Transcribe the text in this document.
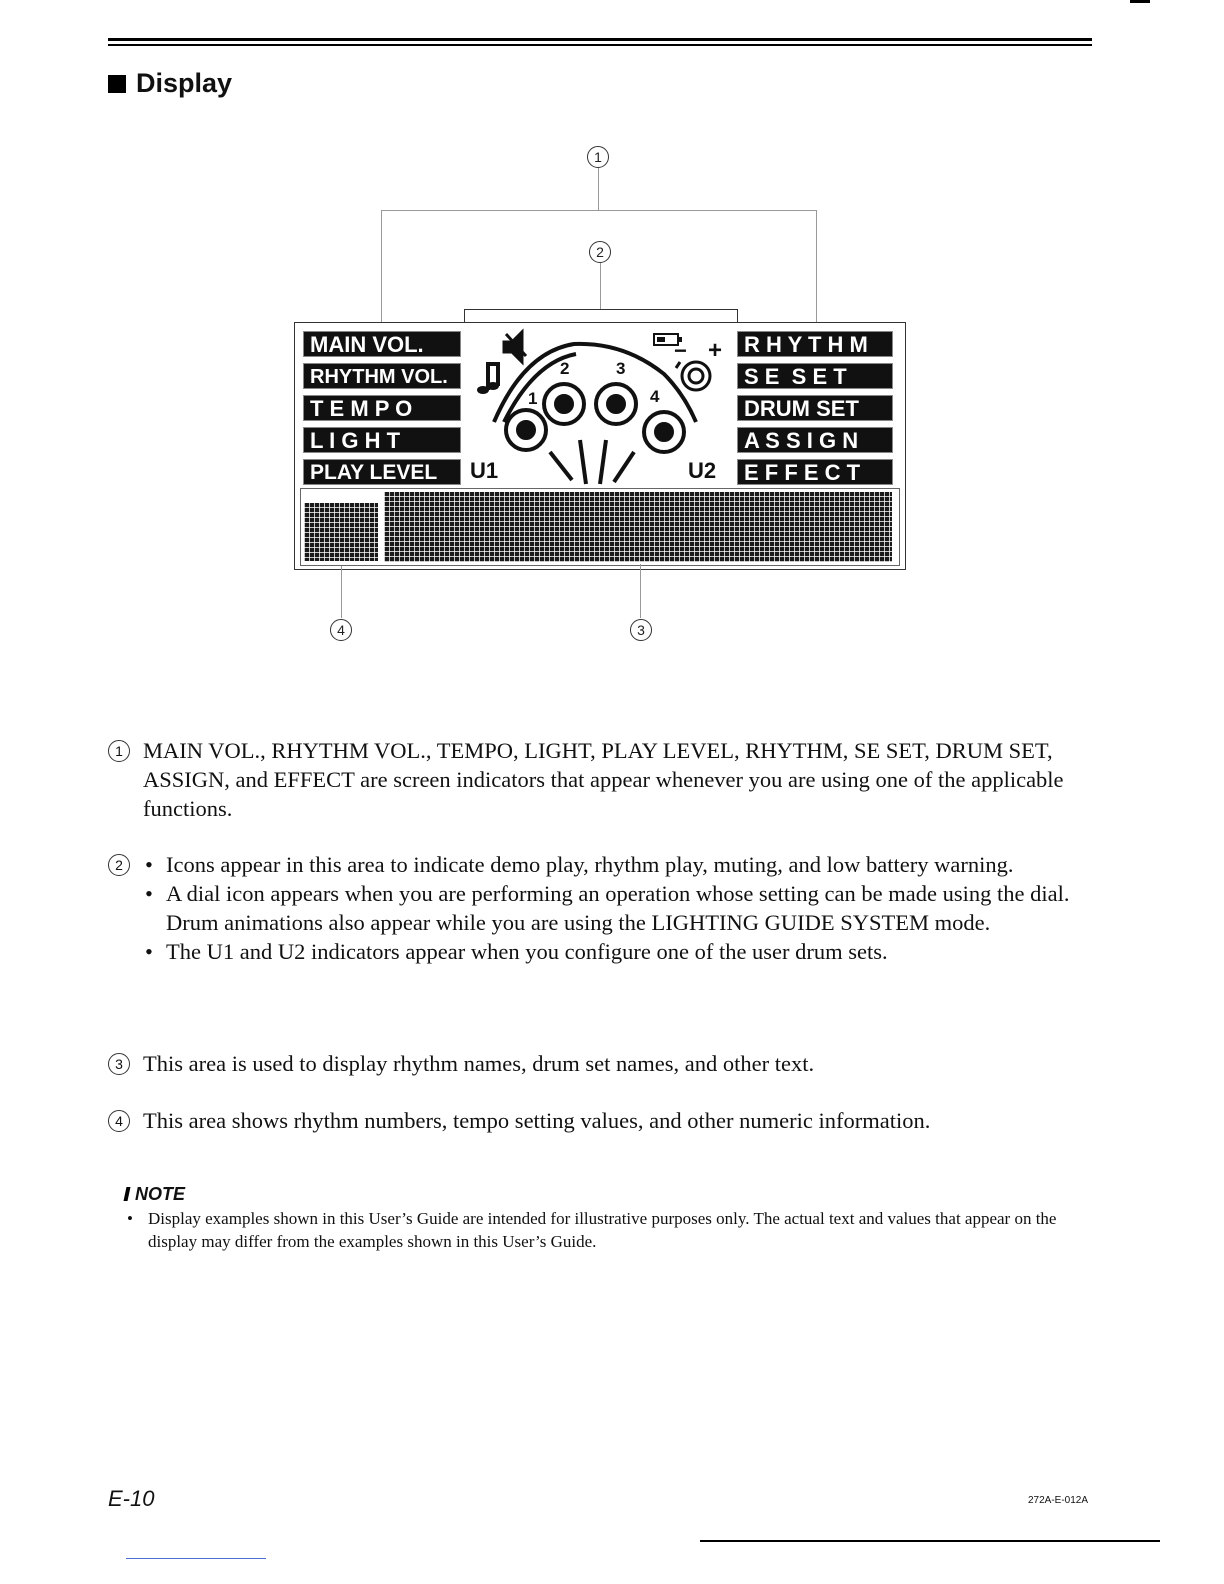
Display
1
2
MAIN VOL.
RHYTHM VOL.
T E M P O
L I G H T
PLAY LEVEL
R H Y T H M
S E  S E T
DRUM SET
A S S I G N
E F F E C T
− +
1
2	3
4
U1	U2
4	3
1 MAIN VOL., RHYTHM VOL., TEMPO, LIGHT, PLAY LEVEL, RHYTHM, SE SET, DRUM SET, ASSIGN, and EFFECT are screen indicators that appear whenever you are using one of the applicable functions.
2
•	Icons appear in this area to indicate demo play, rhythm play, muting, and low battery warning.
• A dial icon appears when you are performing an operation whose setting can be made using the dial. Drum animations also appear while you are using the LIGHTING GUIDE SYSTEM mode.
• The U1 and U2 indicators appear when you configure one of the user drum sets.
3 This area is used to display rhythm names, drum set names, and other text.
4 This area shows rhythm numbers, tempo setting values, and other numeric information.
NOTE
• Display examples shown in this User’s Guide are intended for illustrative purposes only. The actual text and values that appear on the display may differ from the examples shown in this User’s Guide.
E-10	272A-E-012A
